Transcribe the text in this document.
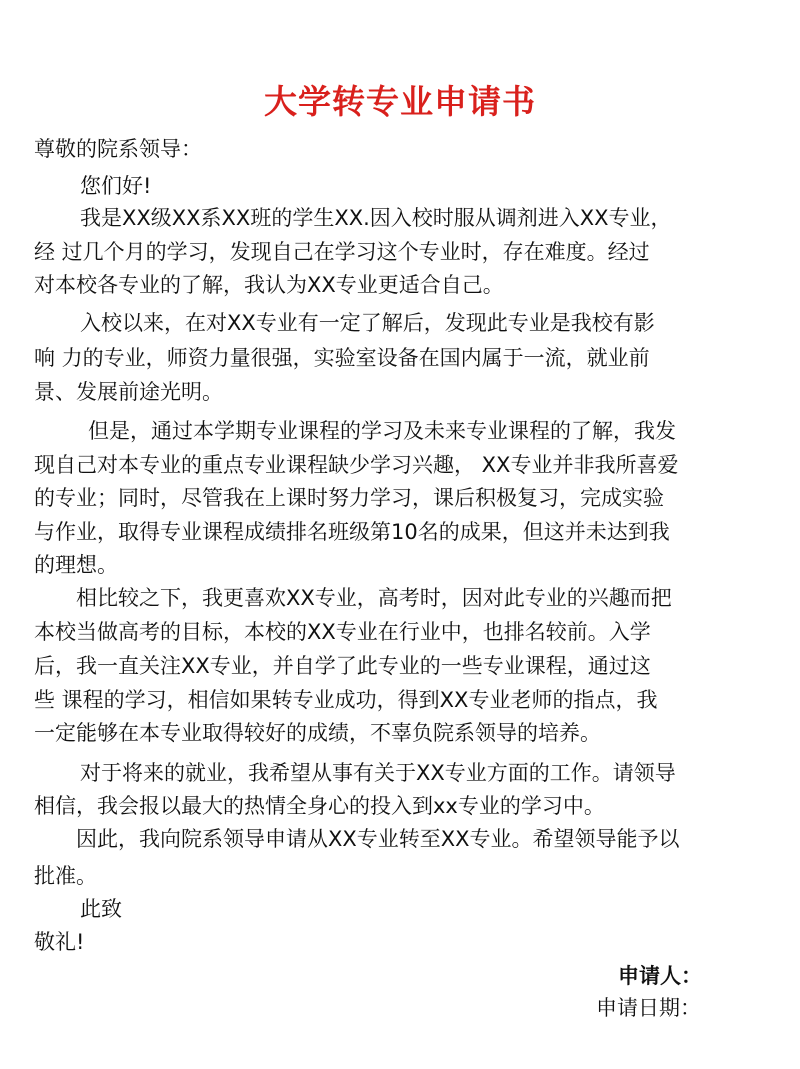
大学转专业申请书
尊敬的院系领导：
您们好!
我是XX级XX系XX班的学生XX.因入校时服从调剂进入XX专业，
经 过几个月的学习，发现自己在学习这个专业时，存在难度。经过
对本校各专业的了解，我认为XX专业更适合自己。
入校以来，在对XX专业有一定了解后，发现此专业是我校有影
响 力的专业，师资力量很强，实验室设备在国内属于一流，就业前
景、发展前途光明。
但是，通过本学期专业课程的学习及未来专业课程的了解，我发
现自己对本专业的重点专业课程缺少学习兴趣， XX专业并非我所喜爱
的专业；同时，尽管我在上课时努力学习，课后积极复习，完成实验
与作业，取得专业课程成绩排名班级第10名的成果，但这并未达到我
的理想。
相比较之下，我更喜欢XX专业，高考时，因对此专业的兴趣而把
本校当做高考的目标，本校的XX专业在行业中，也排名较前。入学
后，我一直关注XX专业，并自学了此专业的一些专业课程，通过这
些 课程的学习，相信如果转专业成功，得到XX专业老师的指点，我
一定能够在本专业取得较好的成绩，不辜负院系领导的培养。
对于将来的就业，我希望从事有关于XX专业方面的工作。请领导
相信，我会报以最大的热情全身心的投入到xx专业的学习中。
因此，我向院系领导申请从XX专业转至XX专业。希望领导能予以
批准。
此致
敬礼!
申请人：
申请日期：
